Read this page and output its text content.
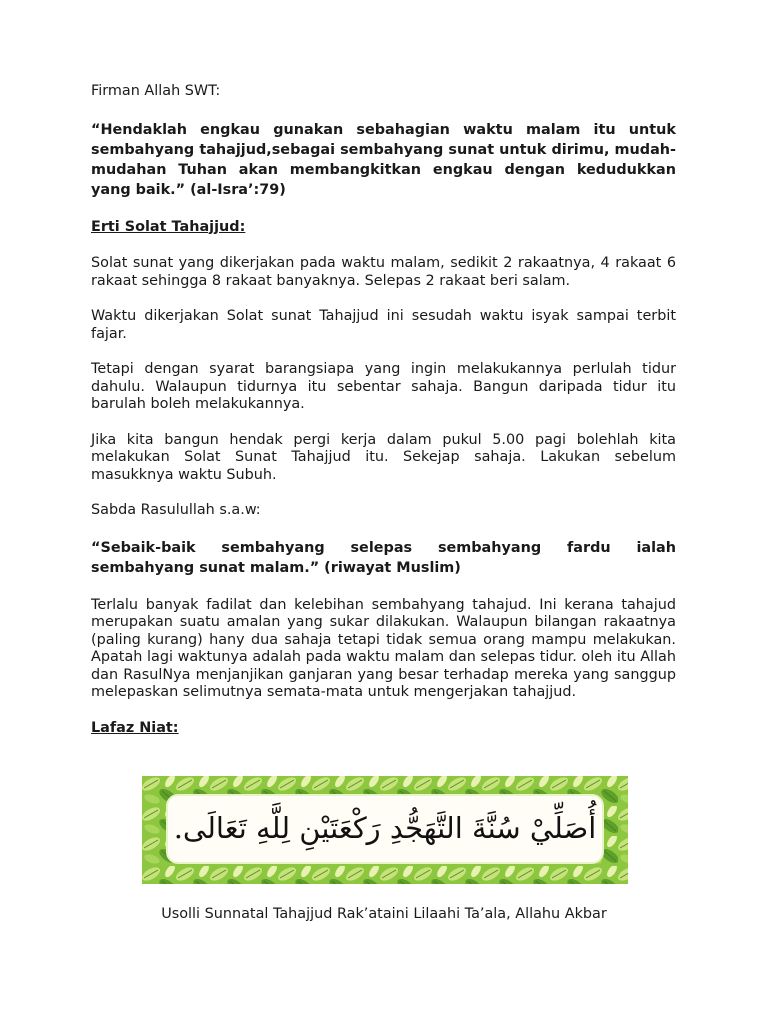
Firman Allah SWT:

“Hendaklah engkau gunakan sebahagian waktu malam itu untuk sembahyang tahajjud,sebagai sembahyang sunat untuk dirimu, mudah-mudahan Tuhan akan membangkitkan engkau dengan kedudukkan yang baik.” (al-Isra’:79)

Erti Solat Tahajjud:

Solat sunat yang dikerjakan pada waktu malam, sedikit 2 rakaatnya, 4 rakaat 6 rakaat sehingga 8 rakaat banyaknya. Selepas 2 rakaat beri salam.

Waktu dikerjakan Solat sunat Tahajjud ini sesudah waktu isyak sampai terbit fajar.

Tetapi dengan syarat barangsiapa yang ingin melakukannya perlulah tidur dahulu. Walaupun tidurnya itu sebentar sahaja. Bangun daripada tidur itu barulah boleh melakukannya.

Jika kita bangun hendak pergi kerja dalam pukul 5.00 pagi bolehlah kita melakukan Solat Sunat Tahajjud itu. Sekejap sahaja. Lakukan sebelum masukknya waktu Subuh.

Sabda Rasulullah s.a.w:

“Sebaik-baik sembahyang selepas sembahyang fardu ialah sembahyang sunat malam.” (riwayat Muslim)

Terlalu banyak fadilat dan kelebihan sembahyang tahajud. Ini kerana tahajud merupakan suatu amalan yang sukar dilakukan. Walaupun bilangan rakaatnya (paling kurang) hany dua sahaja tetapi tidak semua orang mampu melakukan. Apatah lagi waktunya adalah pada waktu malam dan selepas tidur. oleh itu Allah dan RasulNya menjanjikan ganjaran yang besar terhadap mereka yang sanggup melepaskan selimutnya semata-mata untuk mengerjakan tahajjud.

Lafaz Niat:

أُصَلِّيْ سُنَّةَ التَّهَجُّدِ رَكْعَتَيْنِ لِلَّهِ تَعَالَى.
Usolli Sunnatal Tahajjud Rak’ataini Lilaahi Ta’ala, Allahu Akbar
